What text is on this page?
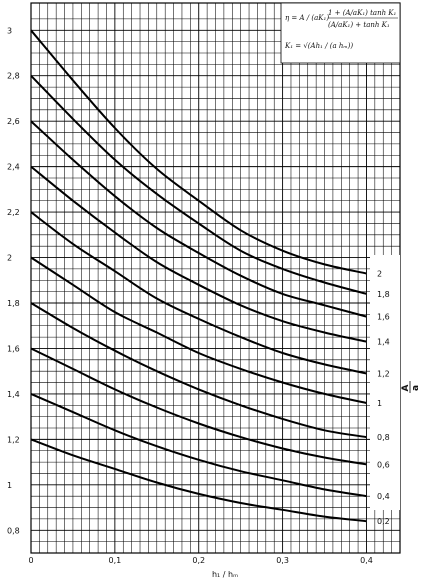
0,8
1
1,2
1,4
1,6
1,8
2
2,2
2,4
2,6
2,8
3
0	0,1	0,2	0,3	0,4
η = A / (aK₁)
1 + (A/aK₁) tanh K₁
(A/aK₁) + tanh K₁
K₁ = √(Ah₁ / (a hₘ))
2
1,8
1,6
1,4
1,2
1
0,8
0,6
0,4
0,2
A a
h₁ / hₘ
